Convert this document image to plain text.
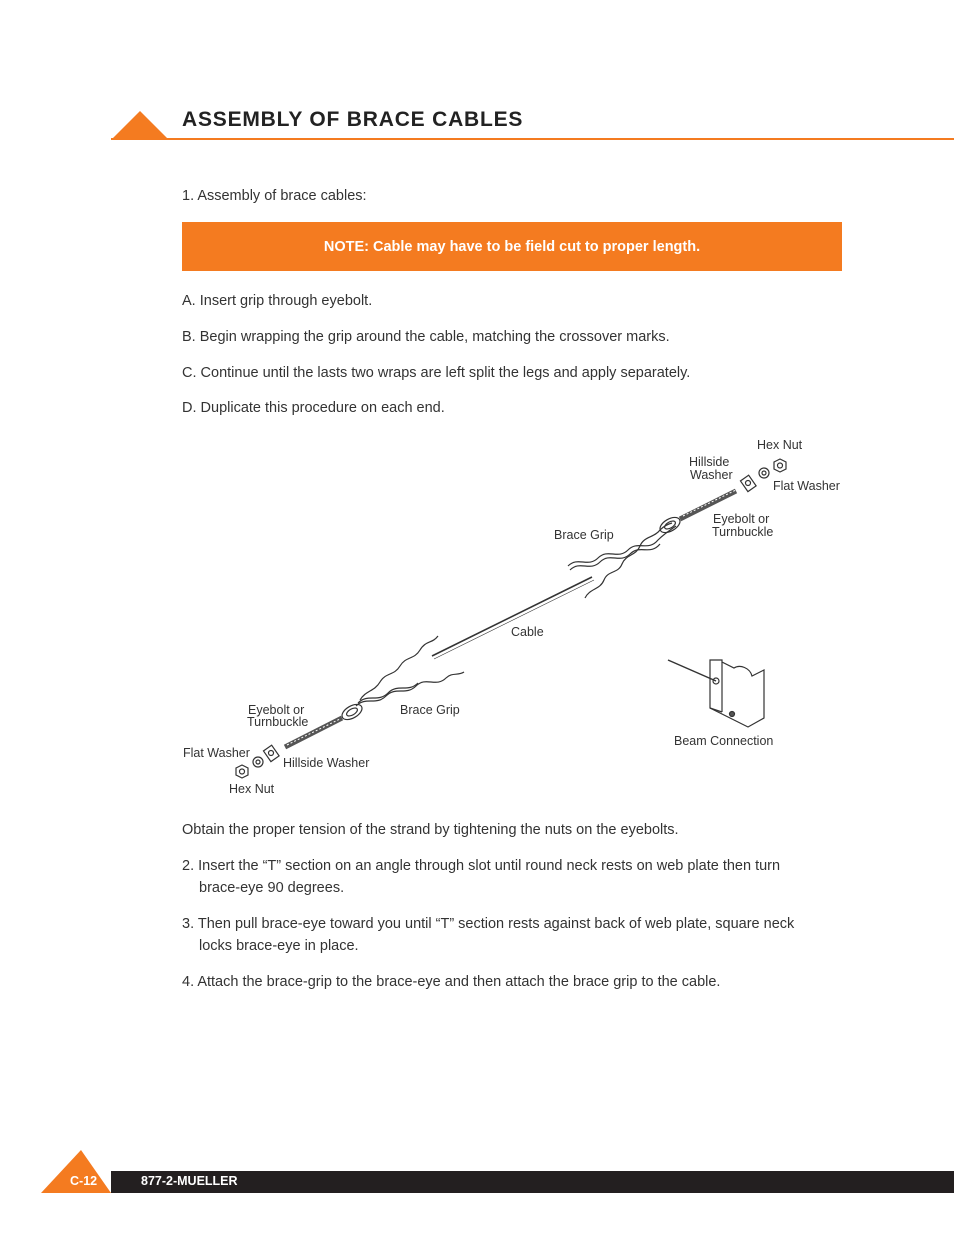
ASSEMBLY OF BRACE CABLES
1. Assembly of brace cables:
NOTE: Cable may have to be field cut to proper length.
A. Insert grip through eyebolt.
B. Begin wrapping the grip around the cable, matching the crossover marks.
C. Continue until the lasts two wraps are left split the legs and apply separately.
D. Duplicate this procedure on each end.
Hex Nut
Hillside
Washer
Flat Washer
Eyebolt or
Turnbuckle
Brace Grip
Cable
Eyebolt or
Turnbuckle
Brace Grip
Flat Washer
Hillside Washer
Hex Nut
Beam Connection
Obtain the proper tension of the strand by tightening the nuts on the eyebolts.
2. Insert the “T” section on an angle through slot until round neck rests on web plate then turn
brace-eye 90 degrees.
3. Then pull brace-eye toward you until “T” section rests against back of web plate, square neck
locks brace-eye in place.
4. Attach the brace-grip to the brace-eye and then attach the brace grip to the cable.
C-12	877-2-MUELLER
